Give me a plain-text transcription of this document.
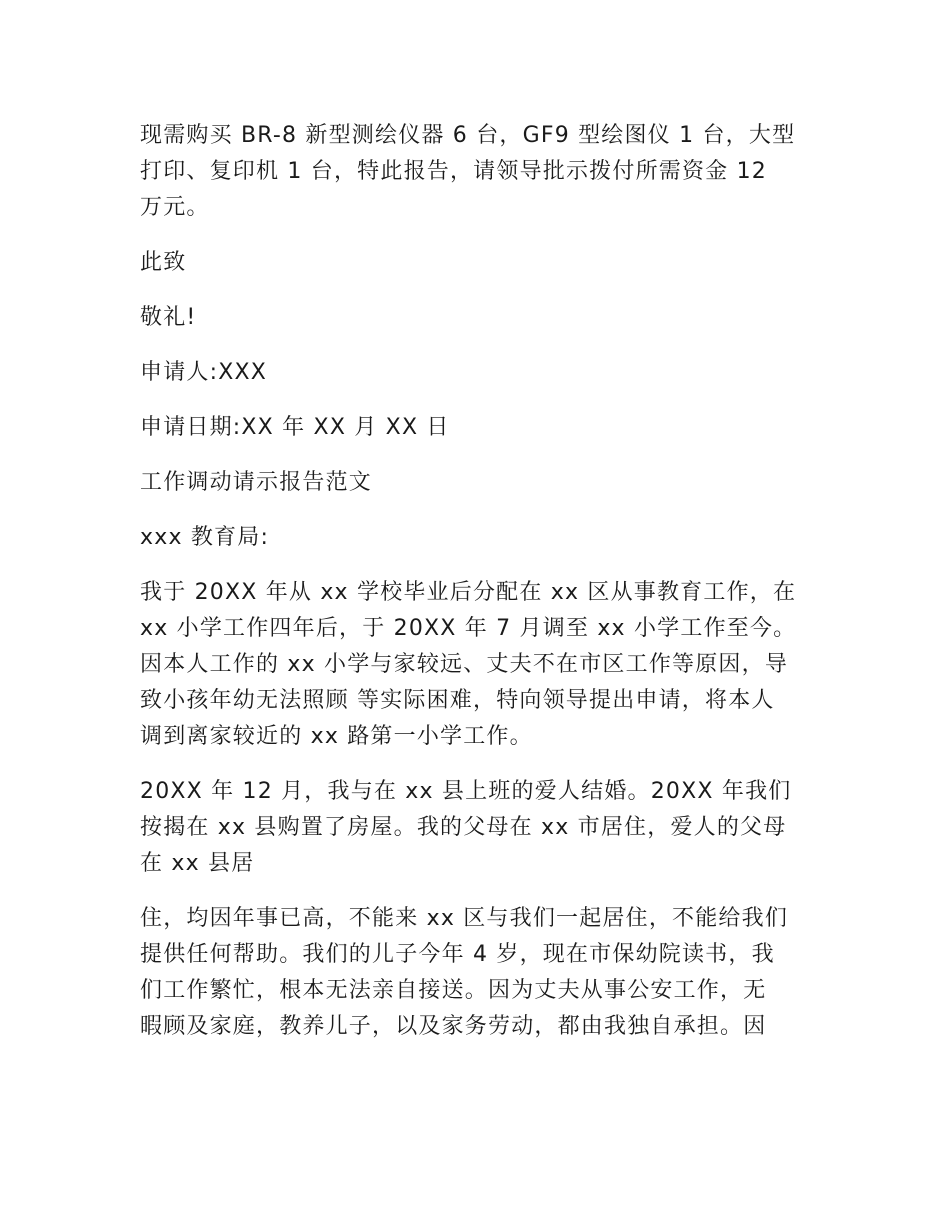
现需购买 BR-8 新型测绘仪器 6 台，GF9 型绘图仪 1 台，大型
打印、复印机 1 台，特此报告，请领导批示拨付所需资金 12
万元。

此致

敬礼!

申请人:XXX

申请日期:XX 年 XX 月 XX 日

工作调动请示报告范文

xxx 教育局:

我于 20XX 年从 xx 学校毕业后分配在 xx 区从事教育工作，在
xx 小学工作四年后，于 20XX 年 7 月调至 xx 小学工作至今。
因本人工作的 xx 小学与家较远、丈夫不在市区工作等原因，导
致小孩年幼无法照顾 等实际困难，特向领导提出申请，将本人
调到离家较近的 xx 路第一小学工作。

20XX 年 12 月，我与在 xx 县上班的爱人结婚。20XX 年我们
按揭在 xx 县购置了房屋。我的父母在 xx 市居住，爱人的父母
在 xx 县居

住，均因年事已高，不能来 xx 区与我们一起居住，不能给我们
提供任何帮助。我们的儿子今年 4 岁，现在市保幼院读书，我
们工作繁忙，根本无法亲自接送。因为丈夫从事公安工作，无
暇顾及家庭，教养儿子，以及家务劳动，都由我独自承担。因
